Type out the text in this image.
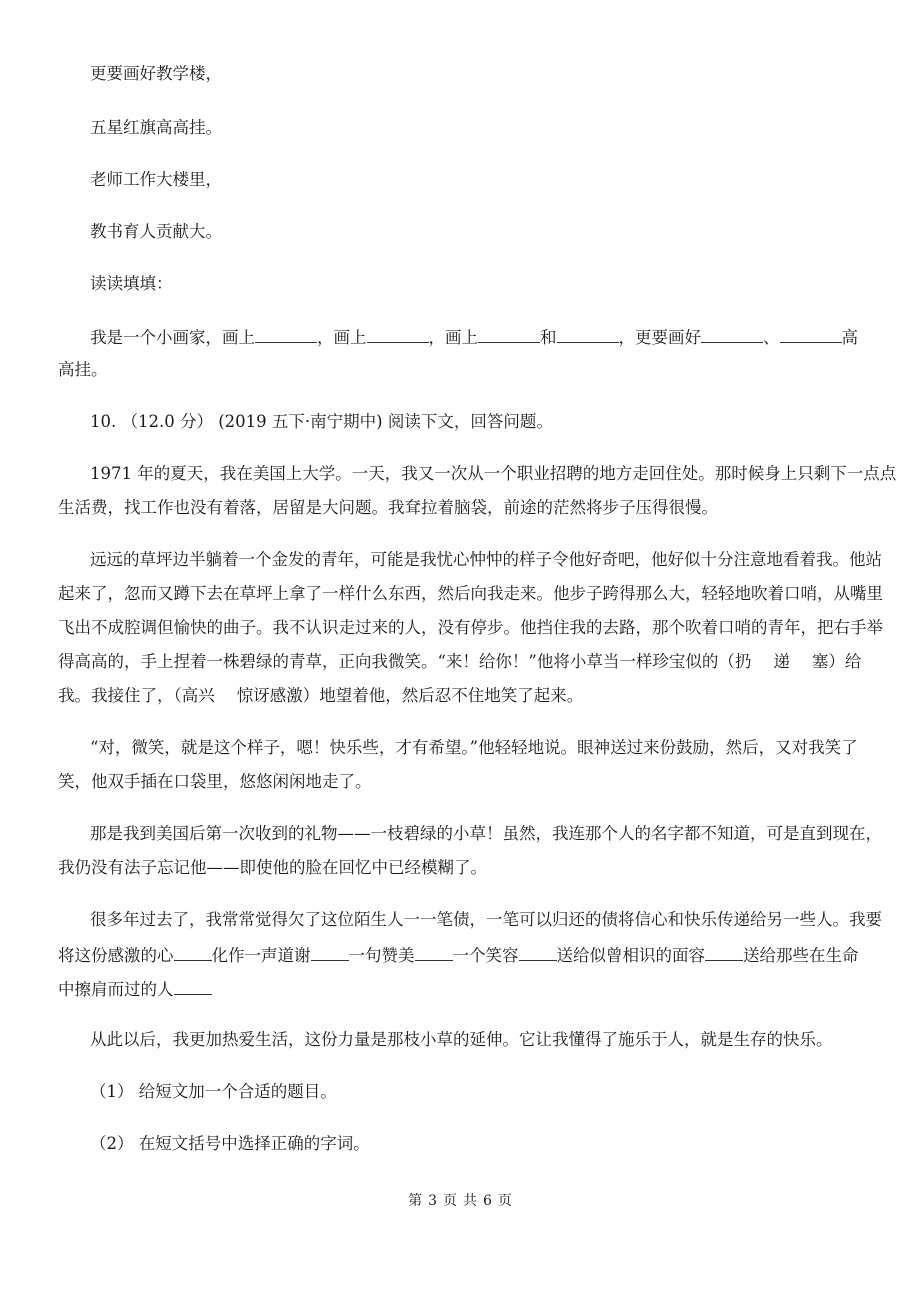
更要画好教学楼，
五星红旗高高挂。
老师工作大楼里，
教书育人贡献大。
读读填填：
我是一个小画家，画上	，画上	，画上	和	，更要画好	、	高
高挂。
10. （12.0 分） (2019 五下·南宁期中) 阅读下文，回答问题。
1971 年的夏天，我在美国上大学。一天，我又一次从一个职业招聘的地方走回住处。那时候身上只剩下一点点
生活费，找工作也没有着落，居留是大问题。我耷拉着脑袋，前途的茫然将步子压得很慢。
远远的草坪边半躺着一个金发的青年，可能是我忧心忡忡的样子令他好奇吧，他好似十分注意地看着我。他站
起来了，忽而又蹲下去在草坪上拿了一样什么东西，然后向我走来。他步子跨得那么大，轻轻地吹着口哨，从嘴里
飞出不成腔调但愉快的曲子。我不认识走过来的人，没有停步。他挡住我的去路，那个吹着口哨的青年，把右手举
得高高的，手上捏着一株碧绿的青草，正向我微笑。“来！给你！”他将小草当一样珍宝似的（扔 递 塞）给
我。我接住了，（高兴 惊讶感激）地望着他，然后忍不住地笑了起来。
“对，微笑，就是这个样子，嗯！快乐些，才有希望。”他轻轻地说。眼神送过来份鼓励，然后，又对我笑了
笑，他双手插在口袋里，悠悠闲闲地走了。
那是我到美国后第一次收到的礼物——一枝碧绿的小草！虽然，我连那个人的名字都不知道，可是直到现在，
我仍没有法子忘记他——即使他的脸在回忆中已经模糊了。
很多年过去了，我常常觉得欠了这位陌生人一一笔债，一笔可以归还的债将信心和快乐传递给另一些人。我要
将这份感激的心 化作一声道谢 一句赞美 一个笑容 送给似曾相识的面容 送给那些在生命
中擦肩而过的人
从此以后，我更加热爱生活，这份力量是那枝小草的延伸。它让我懂得了施乐于人，就是生存的快乐。
（1） 给短文加一个合适的题目。
（2） 在短文括号中选择正确的字词。
第 3 页 共 6 页
